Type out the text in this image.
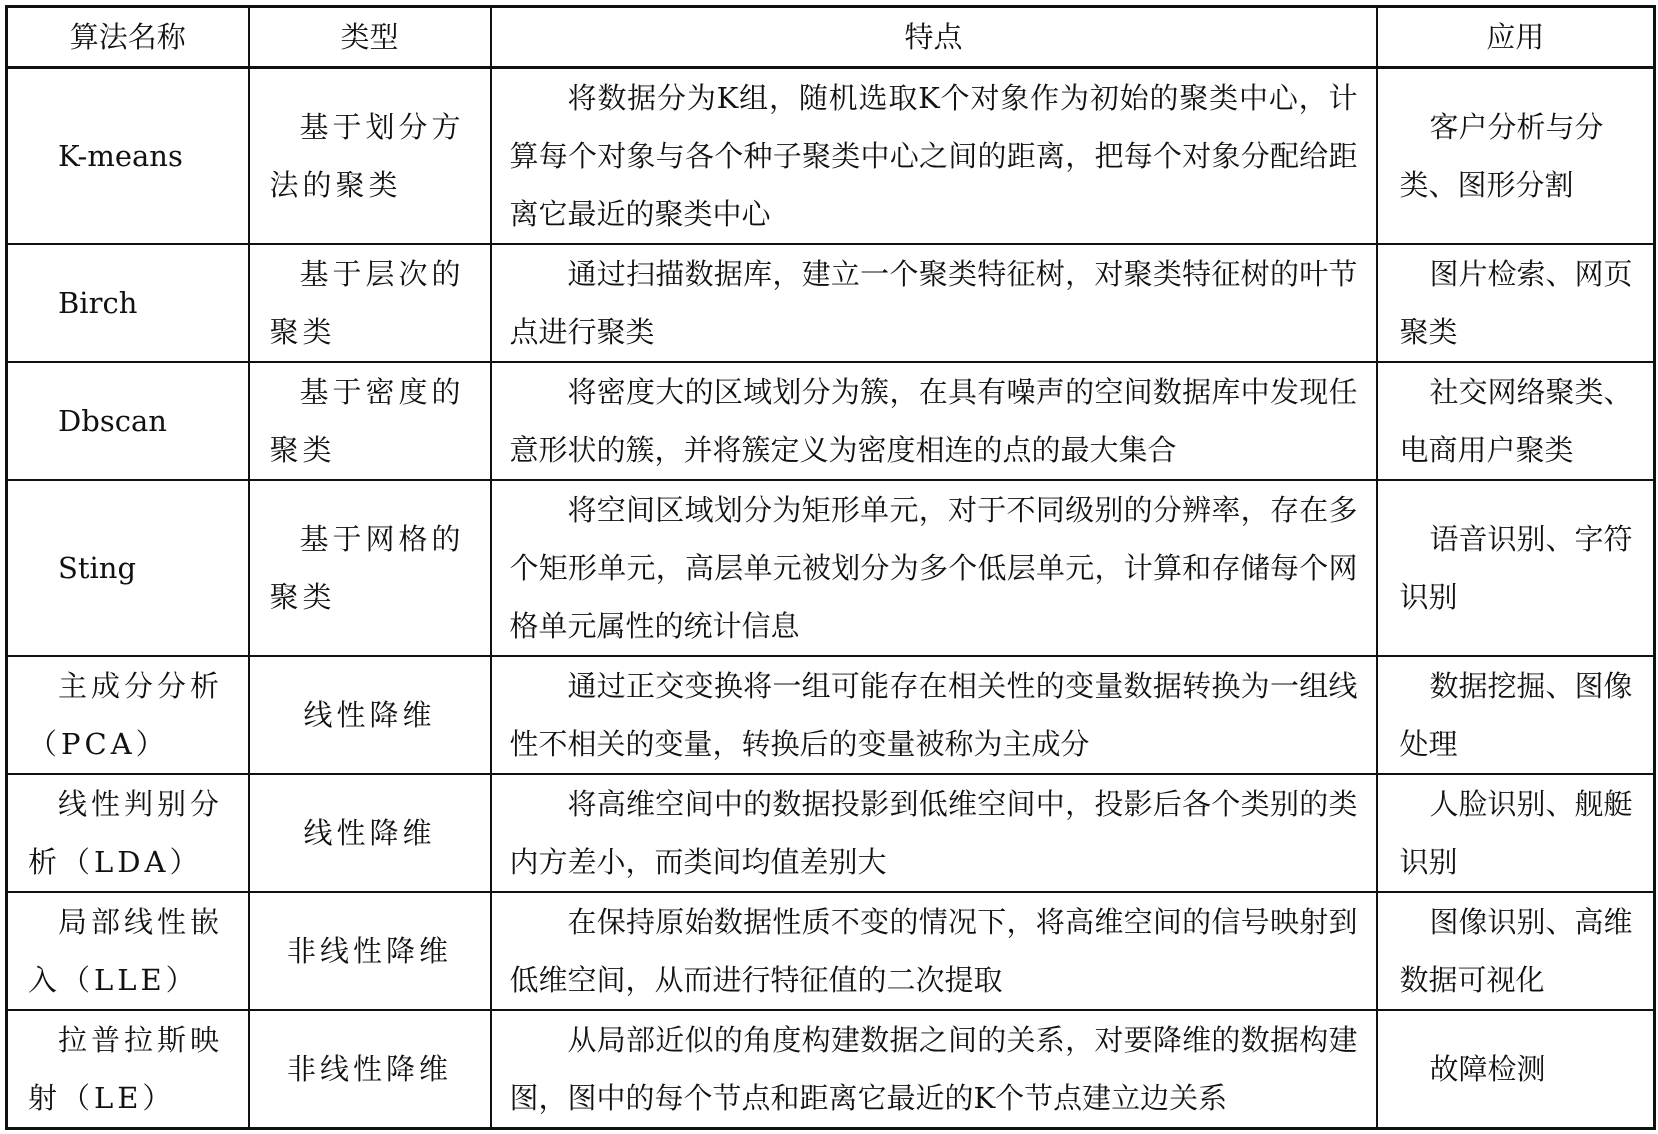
算法名称	类型	特点	应用
K-means	基于划分方法的聚类	将数据分为K组，随机选取K个对象作为初始的聚类中心，计算每个对象与各个种子聚类中心之间的距离，把每个对象分配给距离它最近的聚类中心	客户分析与分类、图形分割
Birch	基于层次的聚类	通过扫描数据库，建立一个聚类特征树，对聚类特征树的叶节点进行聚类	图片检索、网页聚类
Dbscan	基于密度的聚类	将密度大的区域划分为簇，在具有噪声的空间数据库中发现任意形状的簇，并将簇定义为密度相连的点的最大集合	社交网络聚类、电商用户聚类
Sting	基于网格的聚类	将空间区域划分为矩形单元，对于不同级别的分辨率，存在多个矩形单元，高层单元被划分为多个低层单元，计算和存储每个网格单元属性的统计信息	语音识别、字符识别
主成分分析（PCA）	线性降维	通过正交变换将一组可能存在相关性的变量数据转换为一组线性不相关的变量，转换后的变量被称为主成分	数据挖掘、图像处理
线性判别分析（LDA）	线性降维	将高维空间中的数据投影到低维空间中，投影后各个类别的类内方差小，而类间均值差别大	人脸识别、舰艇识别
局部线性嵌入（LLE）	非线性降维	在保持原始数据性质不变的情况下，将高维空间的信号映射到低维空间，从而进行特征值的二次提取	图像识别、高维数据可视化
拉普拉斯映射（LE）	非线性降维	从局部近似的角度构建数据之间的关系，对要降维的数据构建图，图中的每个节点和距离它最近的K个节点建立边关系	故障检测
